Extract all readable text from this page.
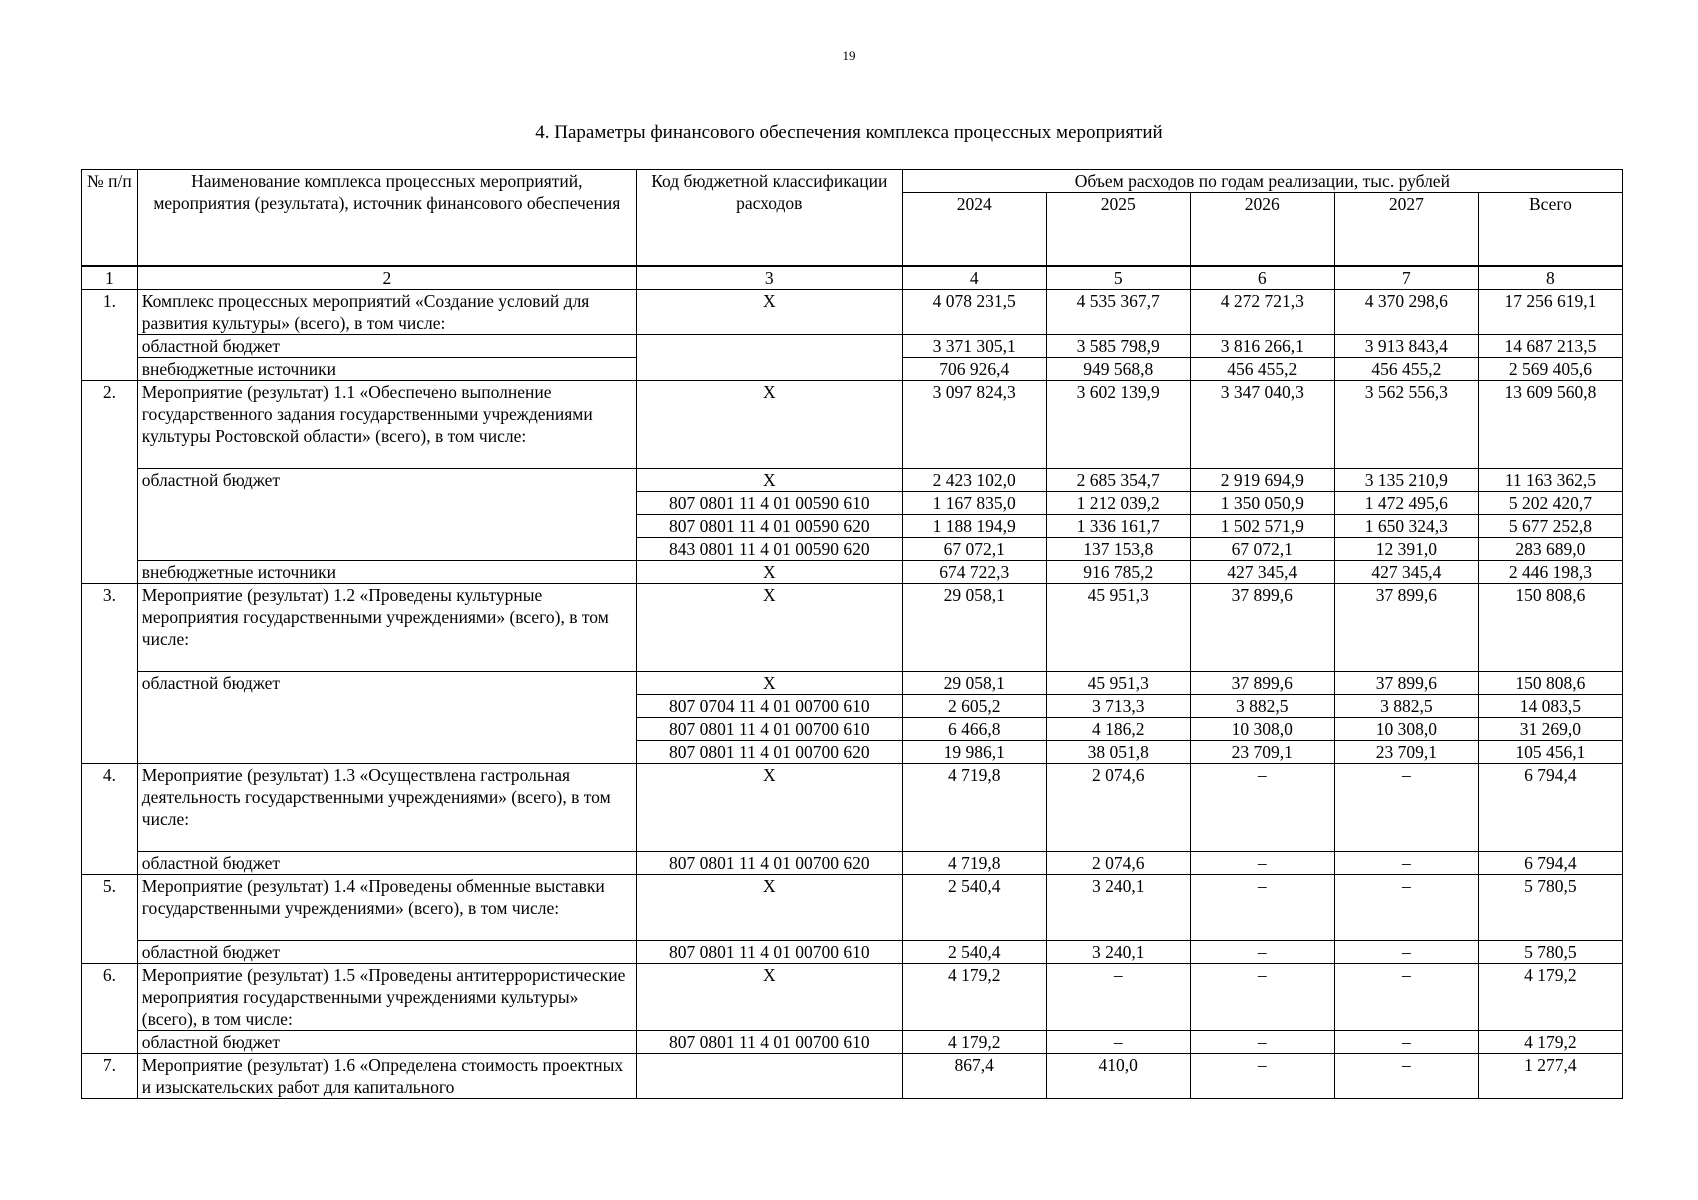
19
4. Параметры финансового обеспечения комплекса процессных мероприятий
№ п/п	Наименование комплекса процессных мероприятий, мероприятия (результата), источник финансового обеспечения	Код бюджетной классификации расходов	Объем расходов по годам реализации, тыс. рублей				
			2024	2025	2026	2027	Всего
1	2	3	4	5	6	7	8
1.	Комплекс процессных мероприятий «Создание условий для развития культуры» (всего), в том числе:	X	4 078 231,5	4 535 367,7	4 272 721,3	4 370 298,6	17 256 619,1
	областной бюджет		3 371 305,1	3 585 798,9	3 816 266,1	3 913 843,4	14 687 213,5
	внебюджетные источники		706 926,4	949 568,8	456 455,2	456 455,2	2 569 405,6
2.	Мероприятие (результат) 1.1 «Обеспечено выполнение государственного задания государственными учреждениями культуры Ростовской области» (всего), в том числе:	X	3 097 824,3	3 602 139,9	3 347 040,3	3 562 556,3	13 609 560,8
	областной бюджет	X	2 423 102,0	2 685 354,7	2 919 694,9	3 135 210,9	11 163 362,5
		807 0801 11 4 01 00590 610	1 167 835,0	1 212 039,2	1 350 050,9	1 472 495,6	5 202 420,7
		807 0801 11 4 01 00590 620	1 188 194,9	1 336 161,7	1 502 571,9	1 650 324,3	5 677 252,8
		843 0801 11 4 01 00590 620	67 072,1	137 153,8	67 072,1	12 391,0	283 689,0
	внебюджетные источники	X	674 722,3	916 785,2	427 345,4	427 345,4	2 446 198,3
3.	Мероприятие (результат) 1.2 «Проведены культурные мероприятия государственными учреждениями» (всего), в том числе:	X	29 058,1	45 951,3	37 899,6	37 899,6	150 808,6
	областной бюджет	X	29 058,1	45 951,3	37 899,6	37 899,6	150 808,6
		807 0704 11 4 01 00700 610	2 605,2	3 713,3	3 882,5	3 882,5	14 083,5
		807 0801 11 4 01 00700 610	6 466,8	4 186,2	10 308,0	10 308,0	31 269,0
		807 0801 11 4 01 00700 620	19 986,1	38 051,8	23 709,1	23 709,1	105 456,1
4.	Мероприятие (результат) 1.3 «Осуществлена гастрольная деятельность государственными учреждениями» (всего), в том числе:	X	4 719,8	2 074,6	–	–	6 794,4
	областной бюджет	807 0801 11 4 01 00700 620	4 719,8	2 074,6	–	–	6 794,4
5.	Мероприятие (результат) 1.4 «Проведены обменные выставки государственными учреждениями» (всего), в том числе:	X	2 540,4	3 240,1	–	–	5 780,5
	областной бюджет	807 0801 11 4 01 00700 610	2 540,4	3 240,1	–	–	5 780,5
6.	Мероприятие (результат) 1.5 «Проведены антитеррористические мероприятия государственными учреждениями культуры» (всего), в том числе:	X	4 179,2	–	–	–	4 179,2
	областной бюджет	807 0801 11 4 01 00700 610	4 179,2	–	–	–	4 179,2
7.	Мероприятие (результат) 1.6 «Определена стоимость проектных и изыскательских работ для капитального		867,4	410,0	–	–	1 277,4
